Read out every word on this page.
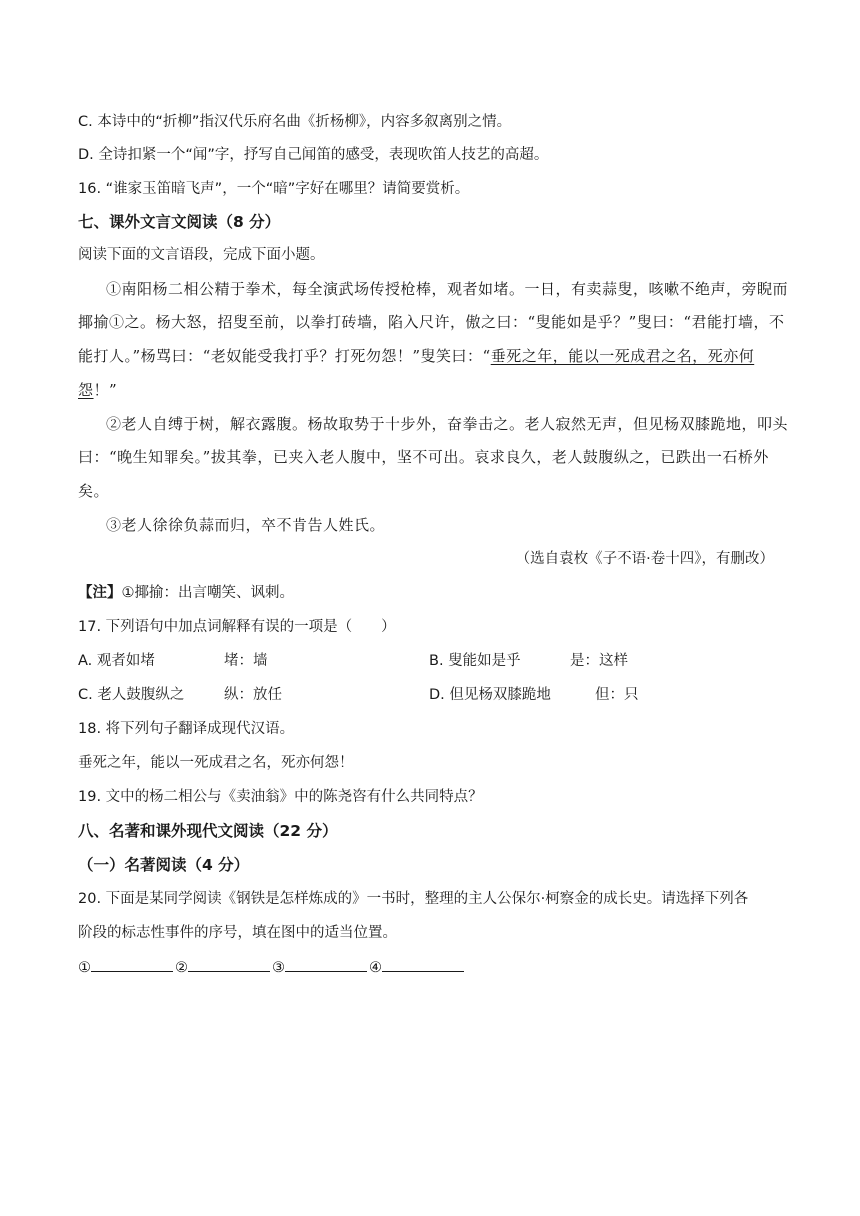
C. 本诗中的“折柳”指汉代乐府名曲《折杨柳》，内容多叙离别之情。
D. 全诗扣紧一个“闻”字，抒写自己闻笛的感受，表现吹笛人技艺的高超。
16. “谁家玉笛暗飞声”，一个“暗”字好在哪里？请简要赏析。
七、课外文言文阅读（8 分）
阅读下面的文言语段，完成下面小题。
①南阳杨二相公精于拳术，每全演武场传授枪棒，观者如堵。一日，有卖蒜叟，咳嗽不绝声，旁睨而
揶揄①之。杨大怒，招叟至前，以拳打砖墙，陷入尺许，傲之曰：“叟能如是乎？”叟曰：“君能打墙，不
能打人。”杨骂曰：“老奴能受我打乎？打死勿怨！”叟笑曰：“垂死之年，能以一死成君之名，死亦何
怨！”
②老人自缚于树，解衣露腹。杨故取势于十步外，奋拳击之。老人寂然无声，但见杨双膝跪地，叩头
曰：“晚生知罪矣。”拔其拳，已夹入老人腹中，坚不可出。哀求良久，老人鼓腹纵之，已跌出一石桥外
矣。
③老人徐徐负蒜而归，卒不肯告人姓氏。
（选自袁枚《子不语·卷十四》，有删改）
【注】①揶揄：出言嘲笑、讽刺。
17. 下列语句中加点词解释有误的一项是（　　）
A. 观者如堵	堵：墙	B. 叟能如是乎	是：这样
C. 老人鼓腹纵之	纵：放任	D. 但见杨双膝跪地	但：只
18. 将下列句子翻译成现代汉语。
垂死之年，能以一死成君之名，死亦何怨！
19. 文中的杨二相公与《卖油翁》中的陈尧咨有什么共同特点？
八、名著和课外现代文阅读（22 分）
（一）名著阅读（4 分）
20. 下面是某同学阅读《钢铁是怎样炼成的》一书时，整理的主人公保尔·柯察金的成长史。请选择下列各
阶段的标志性事件的序号，填在图中的适当位置。
①	②	③	④
